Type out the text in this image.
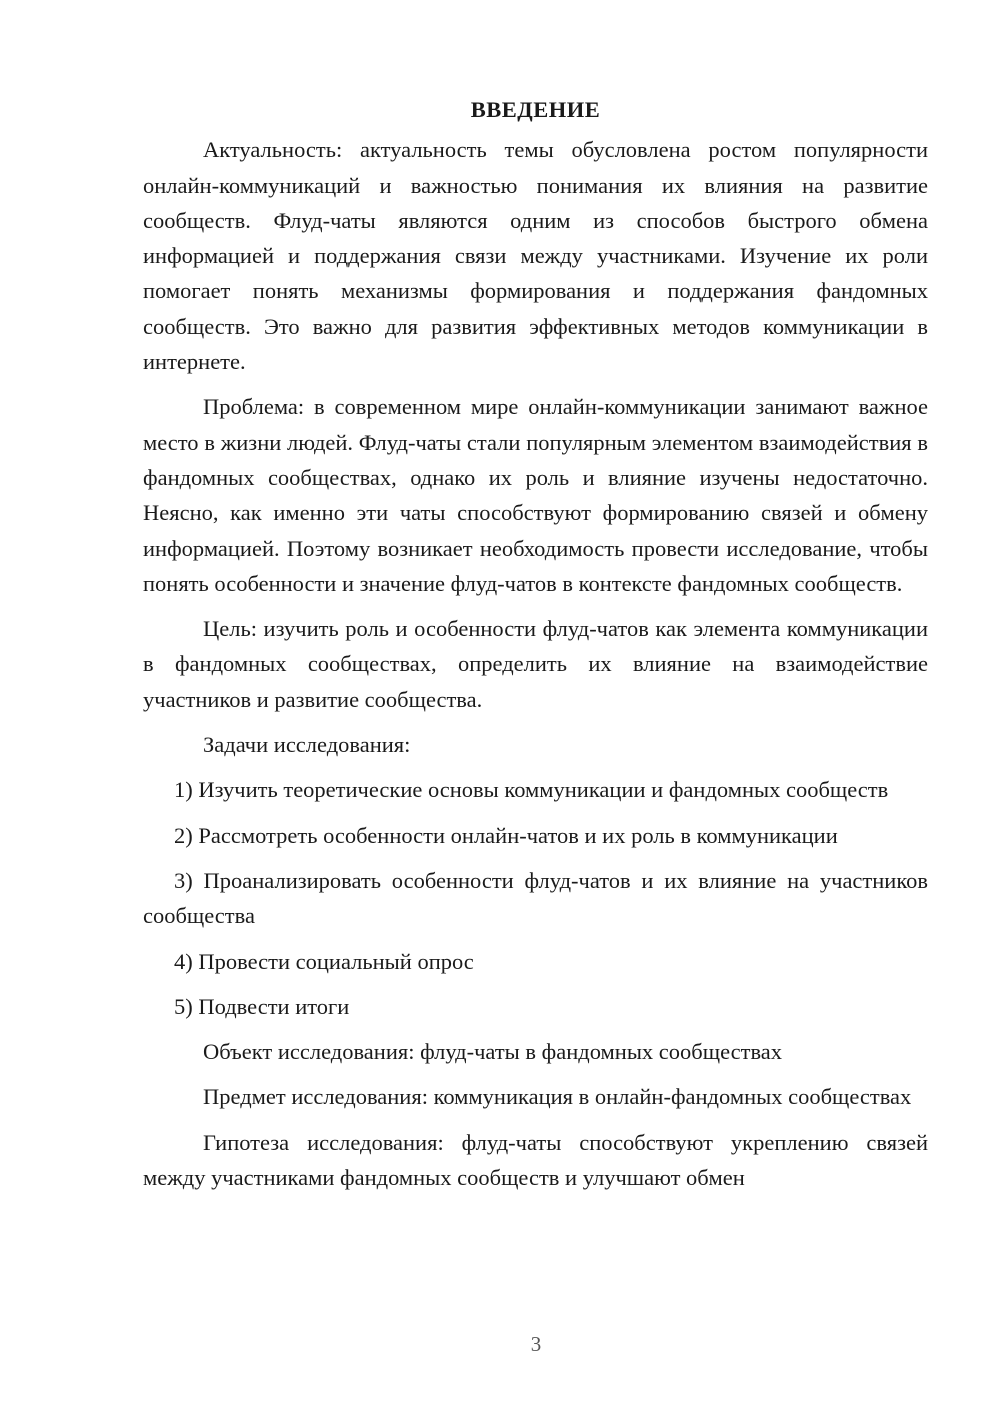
ВВЕДЕНИЕ

Актуальность: актуальность темы обусловлена ростом популярности онлайн-коммуникаций и важностью понимания их влияния на развитие сообществ. Флуд-чаты являются одним из способов быстрого обмена информацией и поддержания связи между участниками. Изучение их роли помогает понять механизмы формирования и поддержания фандомных сообществ. Это важно для развития эффективных методов коммуникации в интернете.

Проблема: в современном мире онлайн-коммуникации занимают важное место в жизни людей. Флуд-чаты стали популярным элементом взаимодействия в фандомных сообществах, однако их роль и влияние изучены недостаточно. Неясно, как именно эти чаты способствуют формированию связей и обмену информацией. Поэтому возникает необходимость провести исследование, чтобы понять особенности и значение флуд-чатов в контексте фандомных сообществ.

Цель: изучить роль и особенности флуд-чатов как элемента коммуникации в фандомных сообществах, определить их влияние на взаимодействие участников и развитие сообщества.

Задачи исследования:

1) Изучить теоретические основы коммуникации и фандомных сообществ

2) Рассмотреть особенности онлайн-чатов и их роль в коммуникации

3) Проанализировать особенности флуд-чатов и их влияние на участников сообщества

4) Провести социальный опрос

5) Подвести итоги

Объект исследования: флуд-чаты в фандомных сообществах

Предмет исследования: коммуникация в онлайн-фандомных сообществах

Гипотеза исследования: флуд-чаты способствуют укреплению связей между участниками фандомных сообществ и улучшают обмен

3
